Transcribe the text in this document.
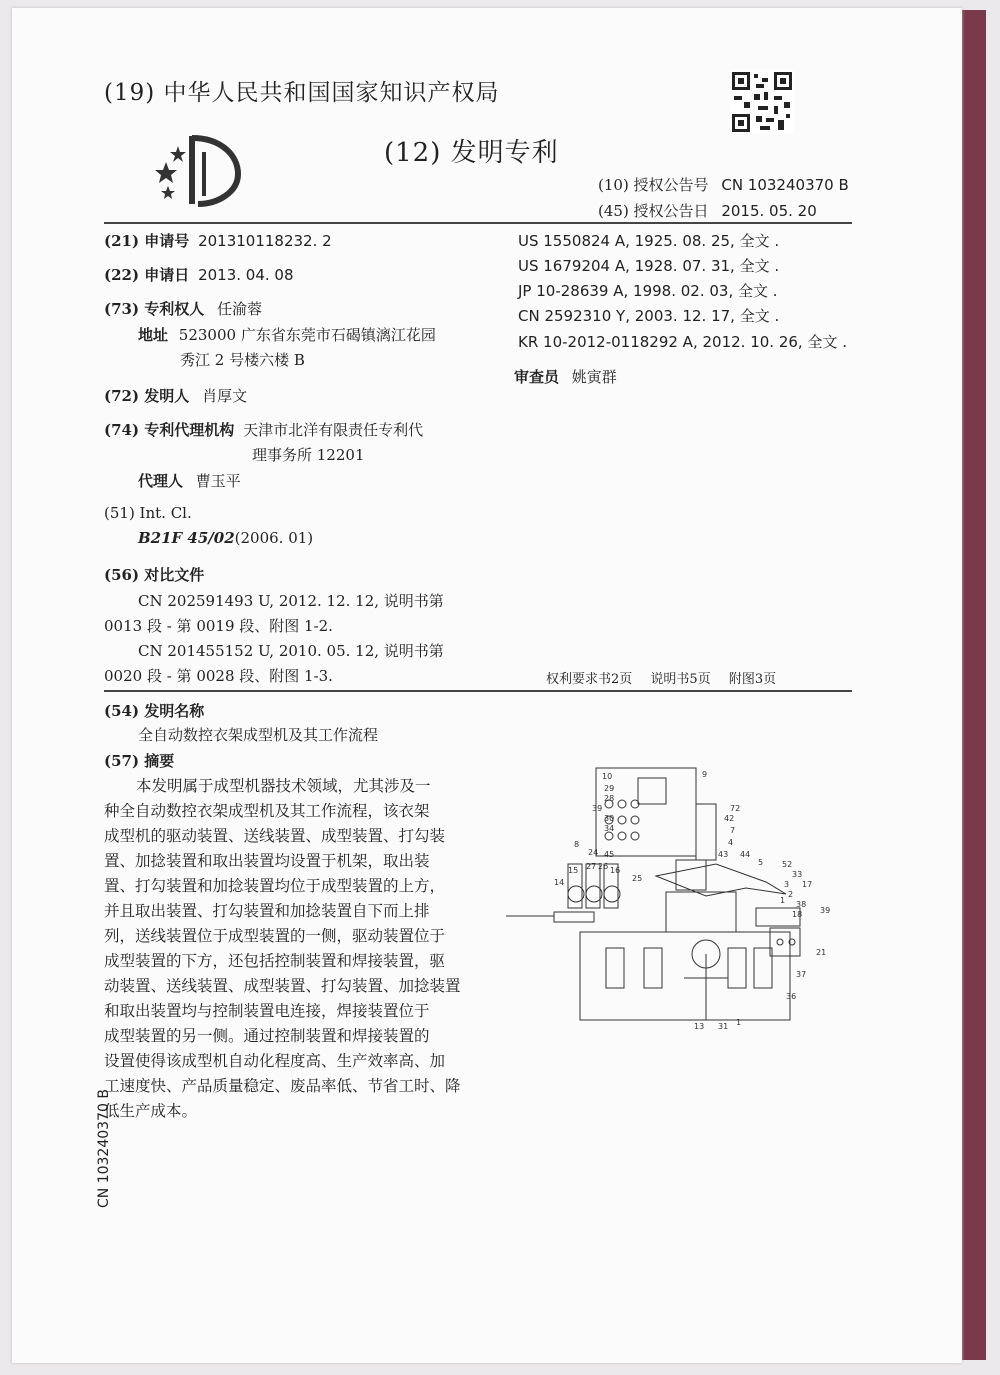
(19) 中华人民共和国国家知识产权局
(12) 发明专利
(10) 授权公告号 CN 103240370 B
(45) 授权公告日 2015. 05. 20
(21) 申请号 201310118232. 2
(22) 申请日 2013. 04. 08
(73) 专利权人 任渝蓉
地址 523000 广东省东莞市石碣镇漓江花园
秀江 2 号楼六楼 B
(72) 发明人 肖厚文
(74) 专利代理机构 天津市北洋有限责任专利代
理事务所 12201
代理人 曹玉平
(51) Int. Cl.
B21F 45/02(2006. 01)
(56) 对比文件
CN 202591493 U, 2012. 12. 12, 说明书第
0013 段 - 第 0019 段、附图 1-2.
CN 201455152 U, 2010. 05. 12, 说明书第
0020 段 - 第 0028 段、附图 1-3.
US 1550824 A, 1925. 08. 25, 全文 .
US 1679204 A, 1928. 07. 31, 全文 .
JP 10-28639 A, 1998. 02. 03, 全文 .
CN 2592310 Y, 2003. 12. 17, 全文 .
KR 10-2012-0118292 A, 2012. 10. 26, 全文 .
审查员 姚寅群
权利要求书2页 说明书5页 附图3页
(54) 发明名称
全自动数控衣架成型机及其工作流程
(57) 摘要
本发明属于成型机器技术领域，尤其涉及一
种全自动数控衣架成型机及其工作流程，该衣架
成型机的驱动装置、送线装置、成型装置、打勾装
置、加捻装置和取出装置均设置于机架，取出装
置、打勾装置和加捻装置均位于成型装置的上方，
并且取出装置、打勾装置和加捻装置自下而上排
列，送线装置位于成型装置的一侧，驱动装置位于
成型装置的下方，还包括控制装置和焊接装置，驱
动装置、送线装置、成型装置、打勾装置、加捻装置
和取出装置均与控制装置电连接，焊接装置位于
成型装置的另一侧。通过控制装置和焊接装置的
设置使得该成型机自动化程度高、生产效率高、加
工速度快、产品质量稳定、废品率低、节省工时、降
低生产成本。
10
29
28
39
30
34
9
72
42
7
4
8
24
27 26 16
15
25
45	43 44
5 52
33
17
3
2
1 38
18 39
14
21
37
36
13 31 1
CN 103240370 B
